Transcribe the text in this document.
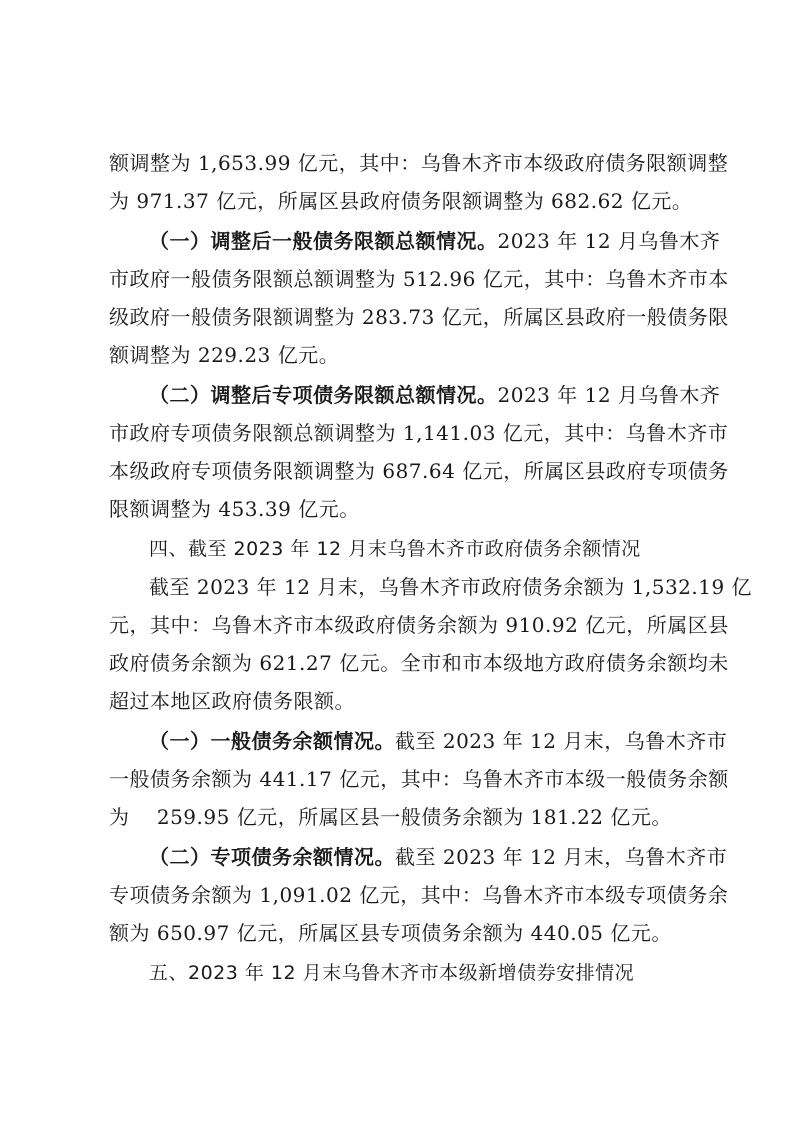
额调整为 1,653.99 亿元，其中：乌鲁木齐市本级政府债务限额调整
为 971.37 亿元，所属区县政府债务限额调整为 682.62 亿元。
（一）调整后一般债务限额总额情况。2023 年 12 月乌鲁木齐
市政府一般债务限额总额调整为 512.96 亿元，其中：乌鲁木齐市本
级政府一般债务限额调整为 283.73 亿元，所属区县政府一般债务限
额调整为 229.23 亿元。
（二）调整后专项债务限额总额情况。2023 年 12 月乌鲁木齐
市政府专项债务限额总额调整为 1,141.03 亿元，其中：乌鲁木齐市
本级政府专项债务限额调整为 687.64 亿元，所属区县政府专项债务
限额调整为 453.39 亿元。
四、截至 2023 年 12 月末乌鲁木齐市政府债务余额情况
截至 2023 年 12 月末，乌鲁木齐市政府债务余额为 1,532.19 亿
元，其中：乌鲁木齐市本级政府债务余额为 910.92 亿元，所属区县
政府债务余额为 621.27 亿元。全市和市本级地方政府债务余额均未
超过本地区政府债务限额。
（一）一般债务余额情况。截至 2023 年 12 月末，乌鲁木齐市
一般债务余额为 441.17 亿元，其中：乌鲁木齐市本级一般债务余额
为　 259.95 亿元，所属区县一般债务余额为 181.22 亿元。
（二）专项债务余额情况。截至 2023 年 12 月末，乌鲁木齐市
专项债务余额为 1,091.02 亿元，其中：乌鲁木齐市本级专项债务余
额为 650.97 亿元，所属区县专项债务余额为 440.05 亿元。
五、2023 年 12 月末乌鲁木齐市本级新增债券安排情况
